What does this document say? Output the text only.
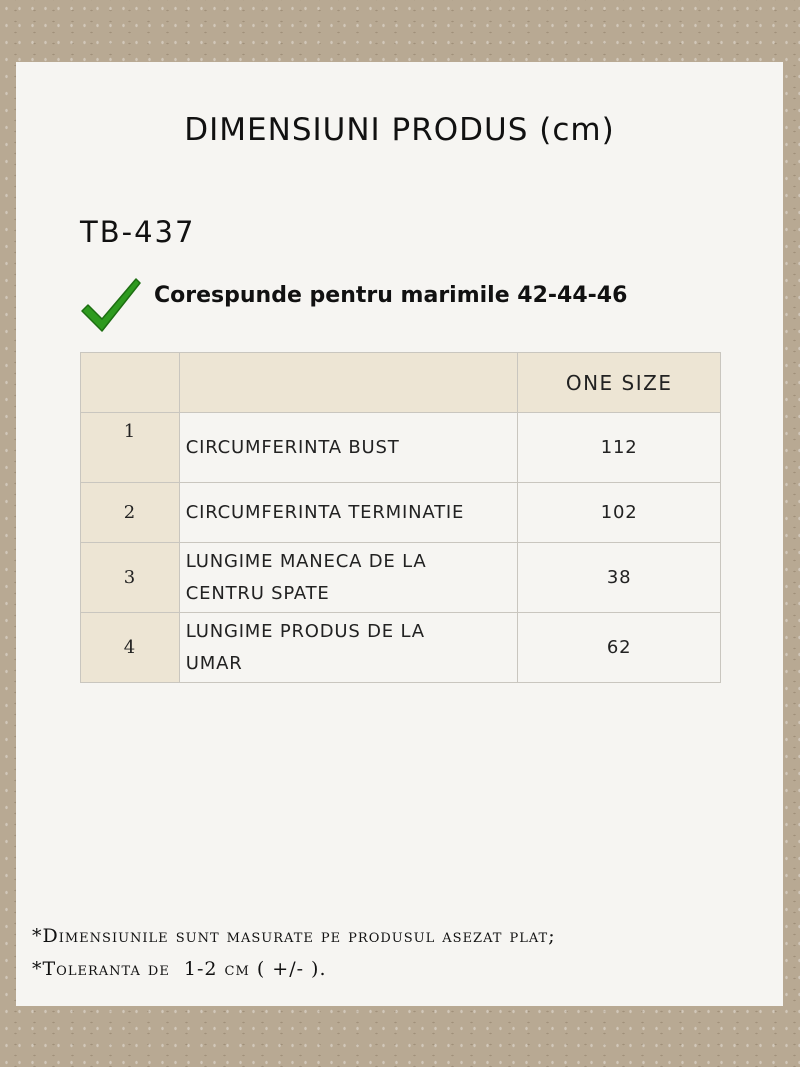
DIMENSIUNI PRODUS (cm)
TB-437
Corespunde pentru marimile 42-44-46
		ONE SIZE
1	CIRCUMFERINTA BUST	112
2	CIRCUMFERINTA TERMINATIE	102
3	LUNGIME MANECA DE LA
CENTRU SPATE	38
4	LUNGIME PRODUS DE LA
UMAR	62
*Dimensiunile sunt masurate pe produsul asezat plat;
*Toleranta de  1-2 cm ( +/- ).
